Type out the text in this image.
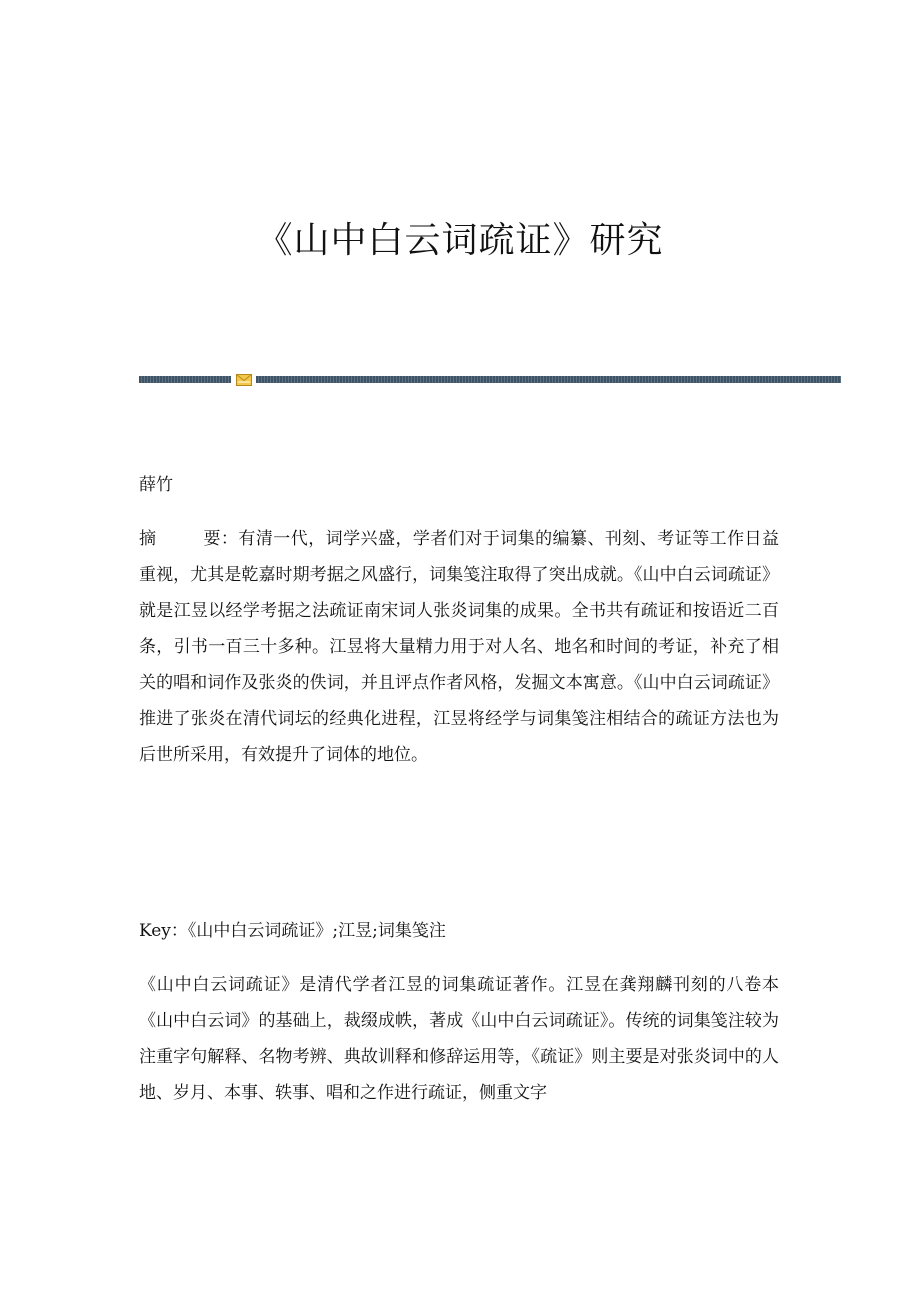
《山中白云词疏证》研究

薛竹

摘	要：有清一代，词学兴盛，学者们对于词集的编纂、刊刻、考证等工作日益重视，尤其是乾嘉时期考据之风盛行，词集笺注取得了突出成就。《山中白云词疏证》就是江昱以经学考据之法疏证南宋词人张炎词集的成果。全书共有疏证和按语近二百条，引书一百三十多种。江昱将大量精力用于对人名、地名和时间的考证，补充了相关的唱和词作及张炎的佚词，并且评点作者风格，发掘文本寓意。《山中白云词疏证》推进了张炎在清代词坛的经典化进程，江昱将经学与词集笺注相结合的疏证方法也为后世所采用，有效提升了词体的地位。

Key：《山中白云词疏证》;江昱;词集笺注

《山中白云词疏证》是清代学者江昱的词集疏证著作。江昱在龚翔麟刊刻的八卷本《山中白云词》的基础上，裁缀成帙，著成《山中白云词疏证》。传统的词集笺注较为注重字句解释、名物考辨、典故训释和修辞运用等，《疏证》则主要是对张炎词中的人地、岁月、本事、轶事、唱和之作进行疏证，侧重文字
